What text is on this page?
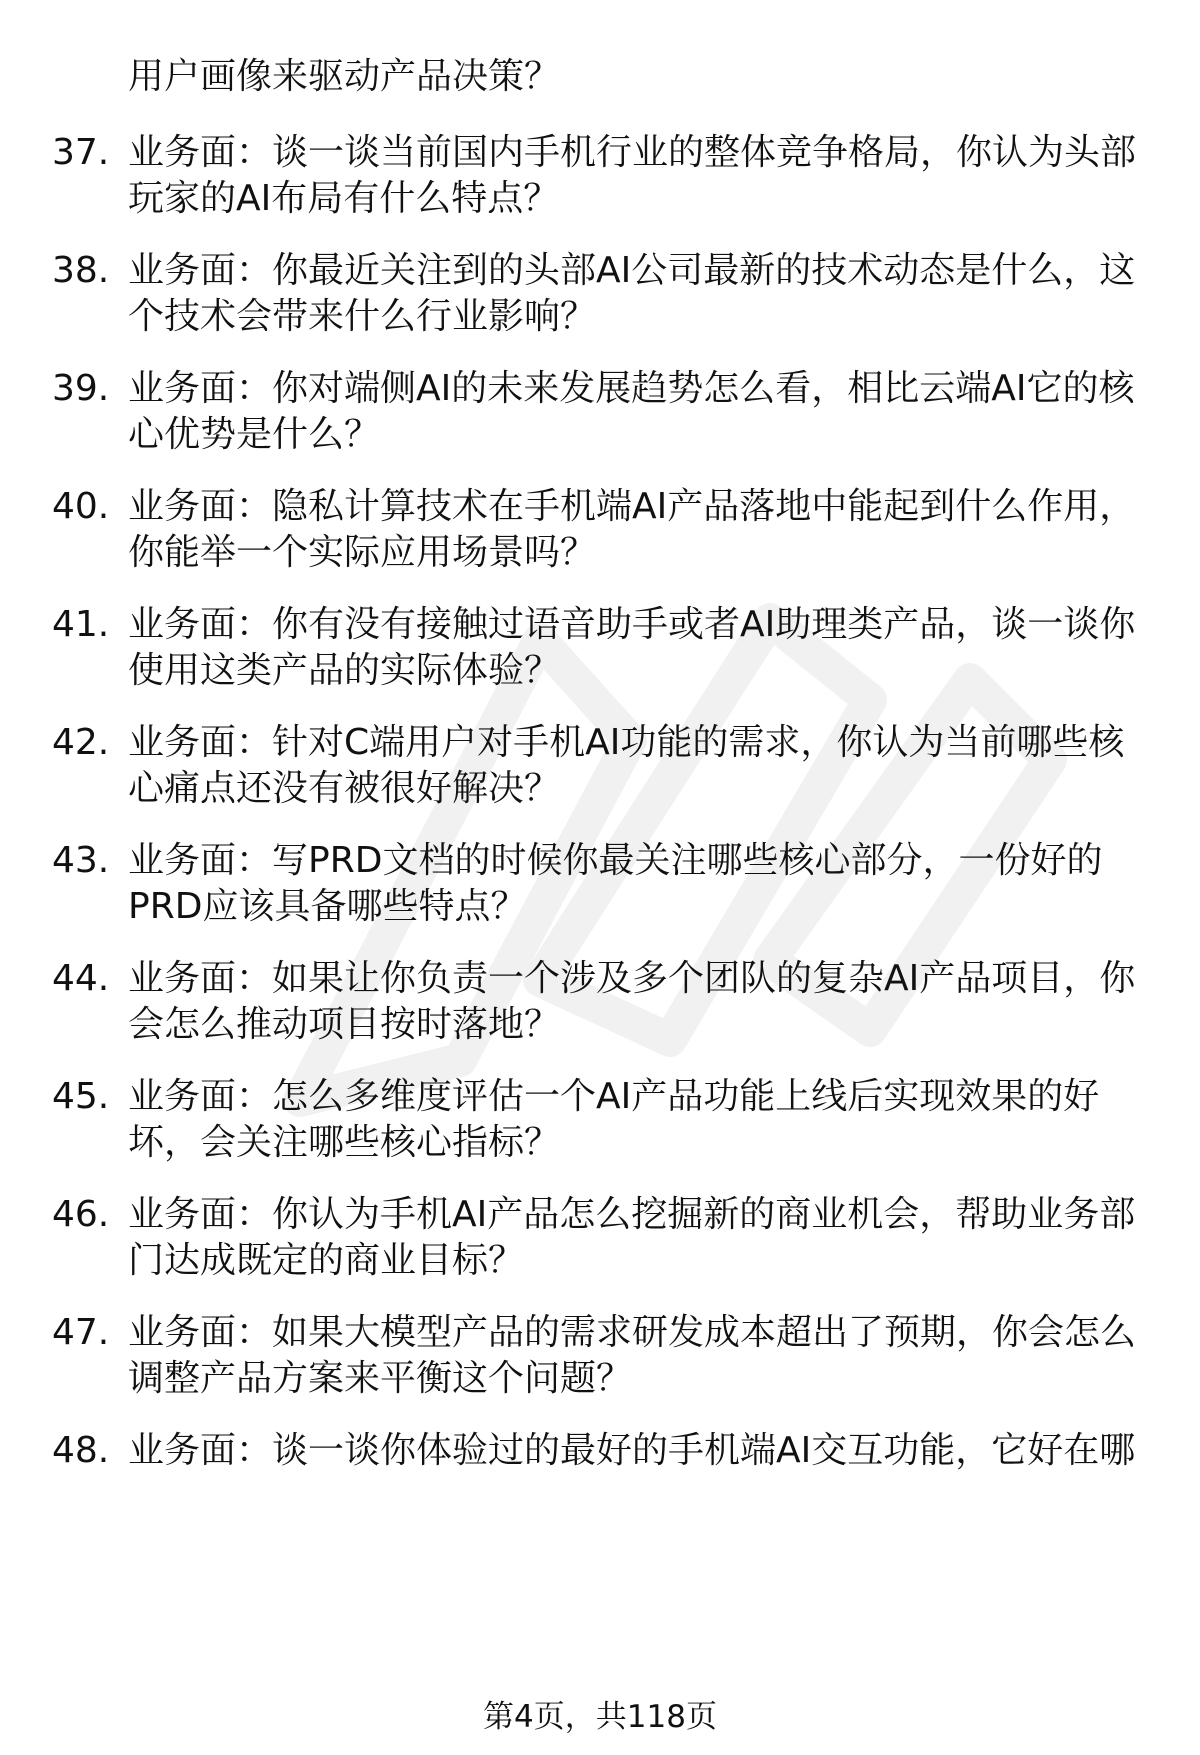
用户画像来驱动产品决策？
37. 业务面：谈一谈当前国内手机行业的整体竞争格局，你认为头部
玩家的AI布局有什么特点？
38. 业务面：你最近关注到的头部AI公司最新的技术动态是什么，这
个技术会带来什么行业影响？
39. 业务面：你对端侧AI的未来发展趋势怎么看，相比云端AI它的核
心优势是什么？
40. 业务面：隐私计算技术在手机端AI产品落地中能起到什么作用，
你能举一个实际应用场景吗？
41. 业务面：你有没有接触过语音助手或者AI助理类产品，谈一谈你
使用这类产品的实际体验？
42. 业务面：针对C端用户对手机AI功能的需求，你认为当前哪些核
心痛点还没有被很好解决？
43. 业务面：写PRD文档的时候你最关注哪些核心部分，一份好的
PRD应该具备哪些特点？
44. 业务面：如果让你负责一个涉及多个团队的复杂AI产品项目，你
会怎么推动项目按时落地？
45. 业务面：怎么多维度评估一个AI产品功能上线后实现效果的好
坏，会关注哪些核心指标？
46. 业务面：你认为手机AI产品怎么挖掘新的商业机会，帮助业务部
门达成既定的商业目标？
47. 业务面：如果大模型产品的需求研发成本超出了预期，你会怎么
调整产品方案来平衡这个问题？
48. 业务面：谈一谈你体验过的最好的手机端AI交互功能，它好在哪
第4页，共118页
